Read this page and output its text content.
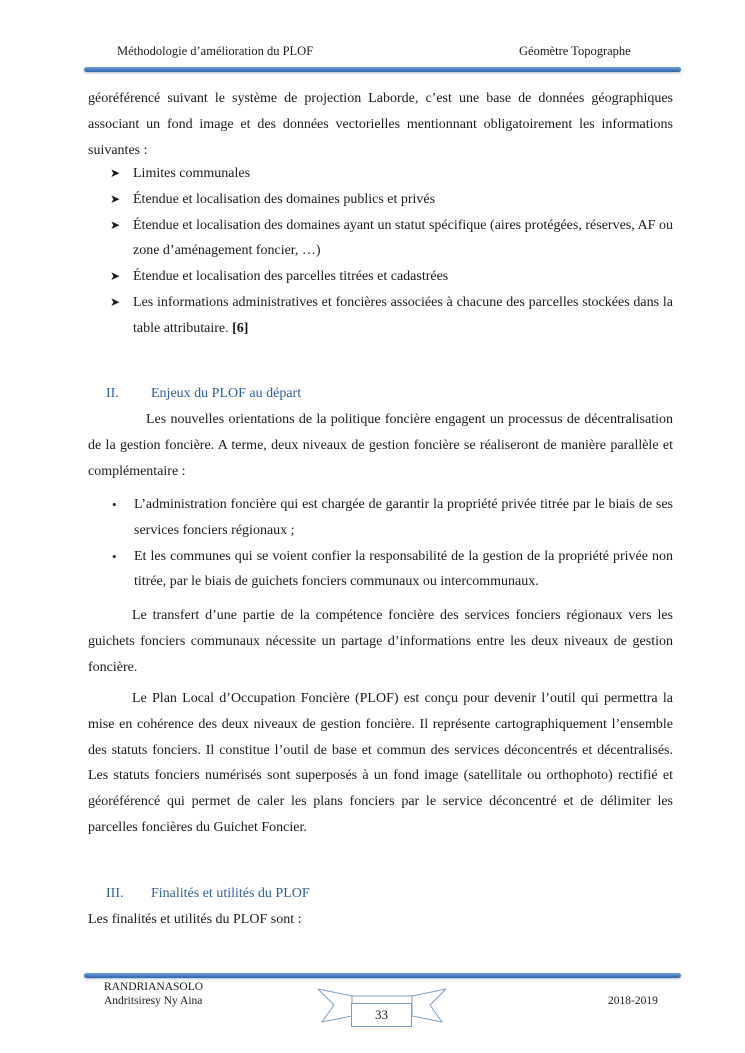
Méthodologie d’amélioration du PLOF	Géomètre Topographe

géoréférencé suivant le système de projection Laborde, c’est une base de données géographiques associant un fond image et des données vectorielles mentionnant obligatoirement les informations suivantes :

➤ Limites communales
➤ Étendue et localisation des domaines publics et privés
➤ Étendue et localisation des domaines ayant un statut spécifique (aires protégées, réserves, AF ou zone d’aménagement foncier, …)
➤ Étendue et localisation des parcelles titrées et cadastrées
➤ Les informations administratives et foncières associées à chacune des parcelles stockées dans la table attributaire. [6]
II. Enjeux du PLOF au départ

Les nouvelles orientations de la politique foncière engagent un processus de décentralisation de la gestion foncière. A terme, deux niveaux de gestion foncière se réaliseront de manière parallèle et complémentaire :

• L’administration foncière qui est chargée de garantir la propriété privée titrée par le biais de ses services fonciers régionaux ;
• Et les communes qui se voient confier la responsabilité de la gestion de la propriété privée non titrée, par le biais de guichets fonciers communaux ou intercommunaux.

Le transfert d’une partie de la compétence foncière des services fonciers régionaux vers les guichets fonciers communaux nécessite un partage d’informations entre les deux niveaux de gestion foncière.

Le Plan Local d’Occupation Foncière (PLOF) est conçu pour devenir l’outil qui permettra la mise en cohérence des deux niveaux de gestion foncière. Il représente cartographiquement l’ensemble des statuts fonciers. Il constitue l’outil de base et commun des services déconcentrés et décentralisés. Les statuts fonciers numérisés sont superposés à un fond image (satellitale ou orthophoto) rectifié et géoréférencé qui permet de caler les plans fonciers par le service déconcentré et de délimiter les parcelles foncières du Guichet Foncier.

III. Finalités et utilités du PLOF

Les finalités et utilités du PLOF sont :

RANDRIANASOLO
Andritsiresy Ny Aina
33
2018-2019
